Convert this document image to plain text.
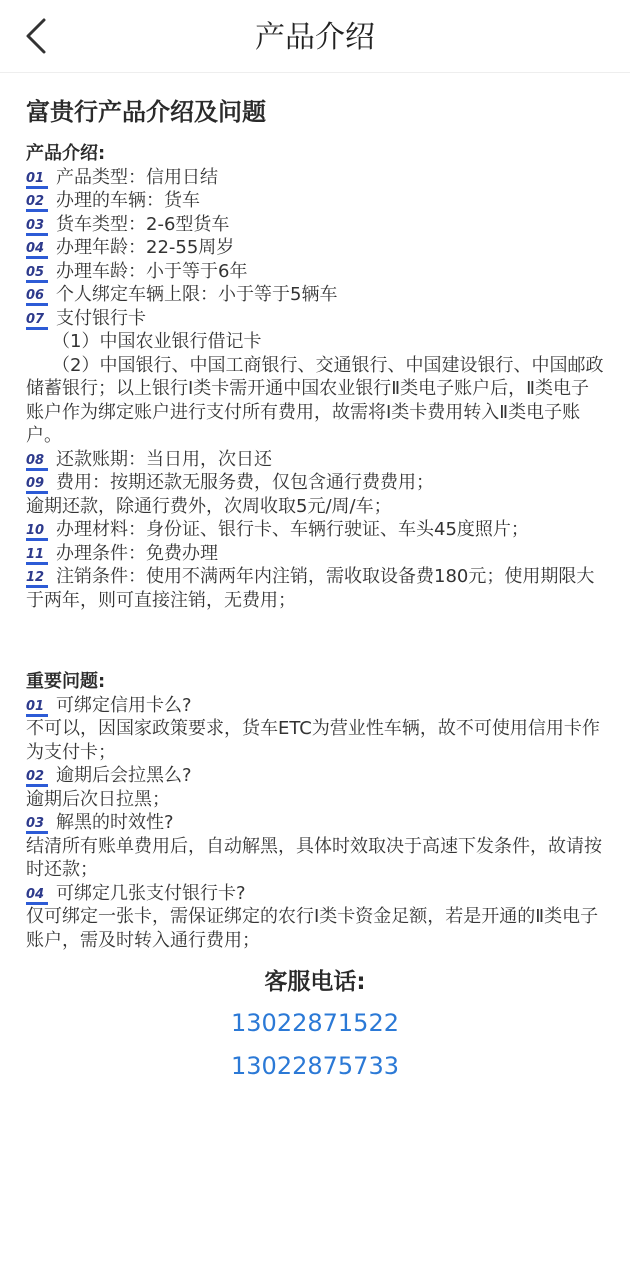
产品介绍
富贵行产品介绍及问题
产品介绍:
01 产品类型：信用日结
02 办理的车辆：货车
03 货车类型：2-6型货车
04 办理年龄：22-55周岁
05 办理车龄：小于等于6年
06 个人绑定车辆上限：小于等于5辆车
07 支付银行卡
（1）中国农业银行借记卡
（2）中国银行、中国工商银行、交通银行、中国建设银行、中国邮政储蓄银行；以上银行Ⅰ类卡需开通中国农业银行Ⅱ类电子账户后，Ⅱ类电子账户作为绑定账户进行支付所有费用，故需将Ⅰ类卡费用转入Ⅱ类电子账户。
08 还款账期：当日用，次日还
09 费用：按期还款无服务费，仅包含通行费费用；
逾期还款，除通行费外，次周收取5元/周/车；
10 办理材料：身份证、银行卡、车辆行驶证、车头45度照片；
11 办理条件：免费办理
12 注销条件：使用不满两年内注销，需收取设备费180元；使用期限大于两年，则可直接注销，无费用；
重要问题:
01 可绑定信用卡么?
不可以，因国家政策要求，货车ETC为营业性车辆，故不可使用信用卡作为支付卡；
02 逾期后会拉黑么?
逾期后次日拉黑；
03 解黑的时效性?
结清所有账单费用后，自动解黑，具体时效取决于高速下发条件，故请按时还款；
04 可绑定几张支付银行卡?
仅可绑定一张卡，需保证绑定的农行Ⅰ类卡资金足额，若是开通的Ⅱ类电子账户，需及时转入通行费用；
客服电话:
13022871522
13022875733
